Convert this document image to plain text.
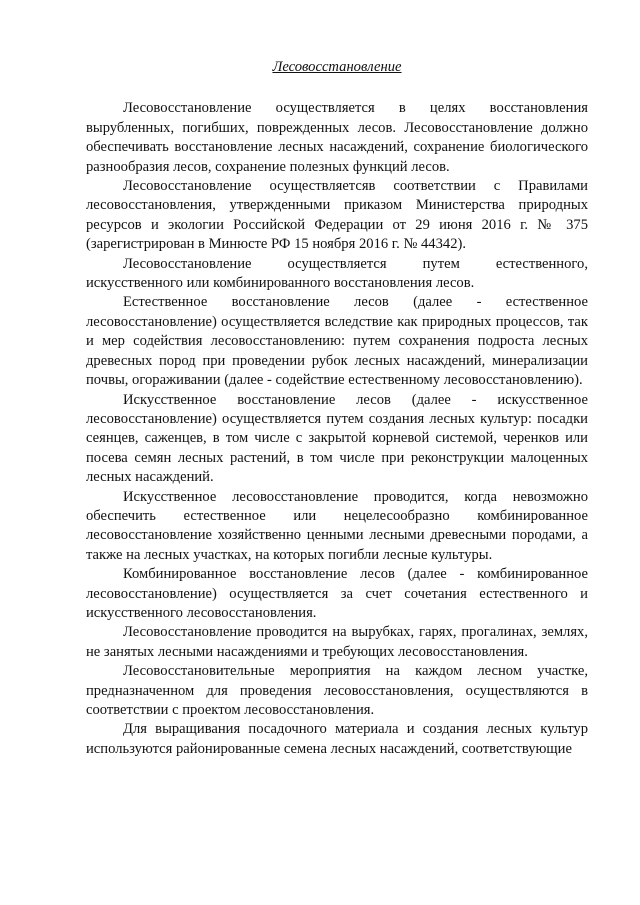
Лесовосстановление

Лесовосстановление осуществляется в целях восстановления вырубленных, погибших, поврежденных лесов. Лесовосстановление должно обеспечивать восстановление лесных насаждений, сохранение биологического разнообразия лесов, сохранение полезных функций лесов.

Лесовосстановление осуществляетсяв соответствии с Правилами лесовосстановления, утвержденными приказом Министерства природных ресурсов и экологии Российской Федерации от 29 июня 2016 г. № 375 (зарегистрирован в Минюсте РФ 15 ноября 2016 г. № 44342).

Лесовосстановление осуществляется путем естественного, искусственного или комбинированного восстановления лесов.

Естественное восстановление лесов (далее - естественное лесовосстановление) осуществляется вследствие как природных процессов, так и мер содействия лесовосстановлению: путем сохранения подроста лесных древесных пород при проведении рубок лесных насаждений, минерализации почвы, огораживании (далее - содействие естественному лесовосстановлению).

Искусственное восстановление лесов (далее - искусственное лесовосстановление) осуществляется путем создания лесных культур: посадки сеянцев, саженцев, в том числе с закрытой корневой системой, черенков или посева семян лесных растений, в том числе при реконструкции малоценных лесных насаждений.

Искусственное лесовосстановление проводится, когда невозможно обеспечить естественное или нецелесообразно комбинированное лесовосстановление хозяйственно ценными лесными древесными породами, а также на лесных участках, на которых погибли лесные культуры.

Комбинированное восстановление лесов (далее - комбинированное лесовосстановление) осуществляется за счет сочетания естественного и искусственного лесовосстановления.

Лесовосстановление проводится на вырубках, гарях, прогалинах, землях, не занятых лесными насаждениями и требующих лесовосстановления.

Лесовосстановительные мероприятия на каждом лесном участке, предназначенном для проведения лесовосстановления, осуществляются в соответствии с проектом лесовосстановления.

Для выращивания посадочного материала и создания лесных культур используются районированные семена лесных насаждений, соответствующие
